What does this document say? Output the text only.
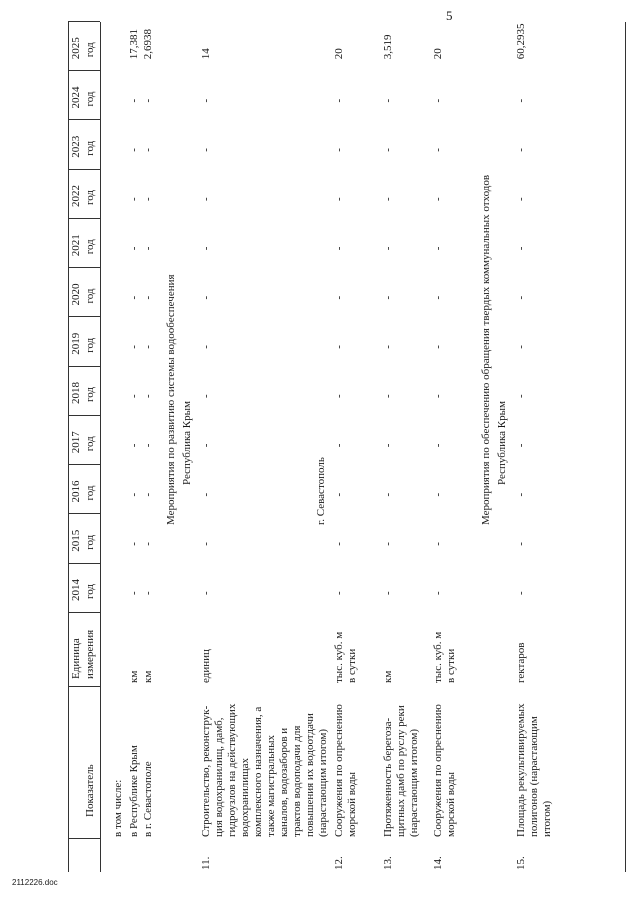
5
Показатель
Единица измерения
2014 год
2015 год
2016 год
2017 год
2018 год
2019 год
2020 год
2021 год
2022 год
2023 год
2024 год
2025 год
в том числе: в Республике Крым
км
-
-
-
-
-
-
-
-
-
-
-
17,381
в г. Севастополе
км
-
-
-
-
-
-
-
-
-
-
-
2,6938
Мероприятия по развитию системы водообеспечения Республика Крым
11.
Строительство, реконструк- ция водохранилищ, дамб, гидроузлов на действующих водохранилищах комплексного назначения, а также магистральных каналов, водозаборов и трактов водоподачи для повышения их водоотдачи (нарастающим итогом)
единиц
-
-
-
-
-
-
-
-
-
-
-
14
г. Севастополь
12.
Сооружения по опреснению морской воды
тыс. куб. м в сутки
-
-
-
-
-
-
-
-
-
-
-
20
13.
Протяженность берегоза- щитных дамб по руслу реки (нарастающим итогом)
км
-
-
-
-
-
-
-
-
-
-
-
3,519
14.
Сооружения по опреснению морской воды
тыс. куб. м в сутки
-
-
-
-
-
-
-
-
-
-
-
20
Мероприятия по обеспечению обращения твердых коммунальных отходов Республика Крым
15.
Площадь рекультивируемых полигонов (нарастающим итогом)
гектаров
-
-
-
-
-
-
-
-
-
-
-
60,2935
2112226.doc
